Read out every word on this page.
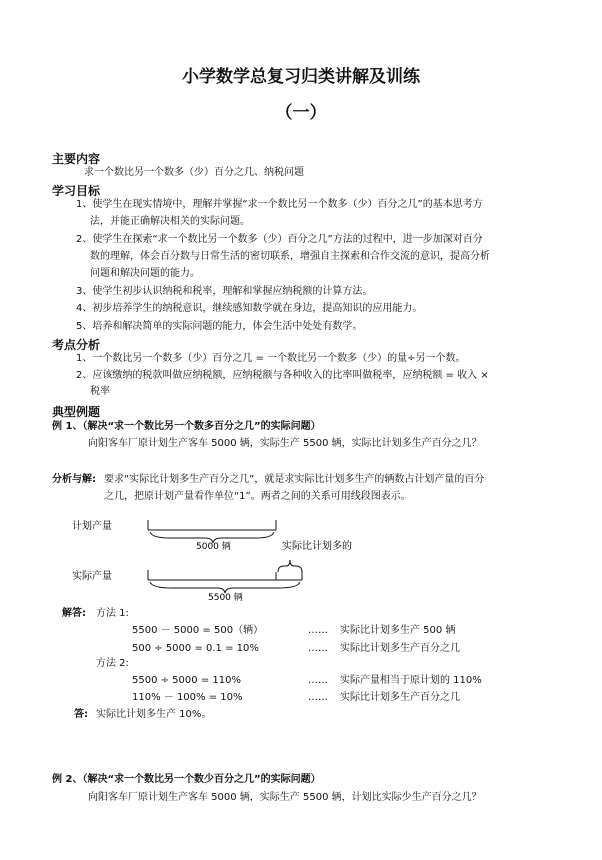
小学数学总复习归类讲解及训练
（一）
主要内容
求一个数比另一个数多（少）百分之几、纳税问题
学习目标
1、使学生在现实情境中，理解并掌握“求一个数比另一个数多（少）百分之几”的基本思考方
法，并能正确解决相关的实际问题。
2、使学生在探索“求一个数比另一个数多（少）百分之几”方法的过程中，进一步加深对百分
数的理解，体会百分数与日常生活的密切联系，增强自主探索和合作交流的意识，提高分析
问题和解决问题的能力。
3、使学生初步认识纳税和税率，理解和掌握应纳税额的计算方法。
4、初步培养学生的纳税意识，继续感知数学就在身边，提高知识的应用能力。
5、培养和解决简单的实际问题的能力，体会生活中处处有数学。
考点分析
1、一个数比另一个数多（少）百分之几 = 一个数比另一个数多（少）的量÷另一个数。
2、应该缴纳的税款叫做应纳税额，应纳税额与各种收入的比率叫做税率，应纳税额 = 收入 ×
税率
典型例题
例 1、（解决“求一个数比另一个数多百分之几”的实际问题）
向阳客车厂原计划生产客车 5000 辆，实际生产 5500 辆，实际比计划多生产百分之几？
分析与解: 要求“实际比计划多生产百分之几”，就是求实际比计划多生产的辆数占计划产量的百分
之几，把原计划产量看作单位“1”。两者之间的关系可用线段图表示。
计划产量
5000 辆	实际比计划多的
实际产量
5500 辆
解答: 方法 1:
5500 － 5000 = 500（辆）	…… 实际比计划多生产 500 辆
500 ÷ 5000 = 0.1 = 10%	…… 实际比计划多生产百分之几
方法 2:
5500 ÷ 5000 = 110%	…… 实际产量相当于原计划的 110%
110% － 100% = 10%	…… 实际比计划多生产百分之几
答: 实际比计划多生产 10%。
例 2、（解决“求一个数比另一个数少百分之几”的实际问题）
向阳客车厂原计划生产客车 5000 辆，实际生产 5500 辆，计划比实际少生产百分之几？
